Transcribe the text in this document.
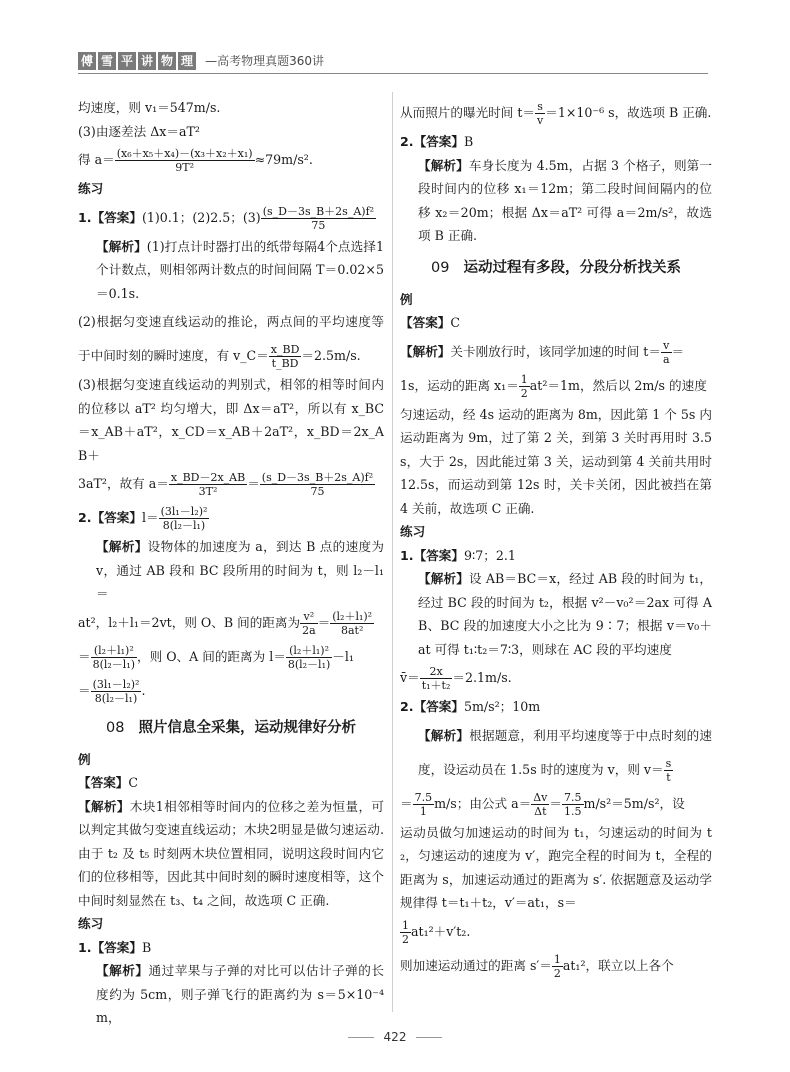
傅 雪 平 讲 物 理 —高考物理真题360讲

均速度，则 v₁＝547m/s.

(3)由逐差法 Δx＝aT²

得 $a= \frac{\text{(x₆＋x₅＋x₄)－(x₃＋x₂＋x₁)}}{\text{9T²}} \approx 79m/s^2$.

练习

1.【答案】(1)0.1；(2)2.5；$(3) \frac{\text{(s\_D－3s\_B＋2s\_A)f²}}{75}$

【解析】(1)打点计时器打出的纸带每隔4个点选择1个计数点，则相邻两计数点的时间间隔 T＝0.02×5＝0.1s.

(2)根据匀变速直线运动的推论，两点间的平均速度等于中间时刻的瞬时速度，有 v_C＝ $\frac{x\_BD}{t\_BD} =2.5m/s$.

(3)根据匀变速直线运动的判别式，相邻的相等时间内的位移以 aT² 均匀增大，即 Δx＝aT²，所以有 x_BC＝x_AB＋aT²，x_CD＝x_AB＋2aT²，x_BD＝2x_AB＋

3aT²，故有 $a= \frac{x\_BD-2x\_AB}{\text{3T²}} = \frac{\text{(s\_D－3s\_B＋2s\_A)f²}}{75}$

2.【答案】$l= \frac{\text{(3l₁－l₂)²}}{\text{8(l₂－l₁)}}$

【解析】设物体的加速度为 a，到达 B 点的速度为 v，通过 AB 段和 BC 段所用的时间为 t，则 l₂－l₁＝

at²，l₂＋l₁＝2vt，则 O、B 间的距离为 $\frac{\text{v²}}{2a} = \frac{\text{(l₂＋l₁)²}}{\text{8at²}}$

＝ $\frac{\text{(l₂＋l₁)²}}{\text{8(l₂－l₁)}}$ ，则 O、A 间的距离为 $l= \frac{\text{(l₂＋l₁)²}}{\text{8(l₂－l₁)}} -l_1$

＝ $\frac{\text{(3l₁－l₂)²}}{\text{8(l₂－l₁)}}$ .

08 照片信息全采集，运动规律好分析

例

【答案】C

【解析】木块1相邻相等时间内的位移之差为恒量，可以判定其做匀变速直线运动；木块2明显是做匀速运动. 由于 t₂ 及 t₅ 时刻两木块位置相同，说明这段时间内它们的位移相等，因此其中间时刻的瞬时速度相等，这个中间时刻显然在 t₃、t₄ 之间，故选项 C 正确.

练习

1.【答案】B

【解析】通过苹果与子弹的对比可以估计子弹的长度约为 5cm，则子弹飞行的距离约为 s＝5×10⁻⁴m，

从而照片的曝光时间 $t= \frac{s}{v} =1\times 10^{-6}$ s，故选项 B 正确.

2.【答案】B

【解析】车身长度为 4.5m，占据 3 个格子，则第一段时间内的位移 x₁＝12m；第二段时间间隔内的位移 x₂＝20m；根据 Δx＝aT² 可得 a＝2m/s²，故选项 B 正确.

09 运动过程有多段，分段分析找关系

例

【答案】C

【解析】关卡刚放行时，该同学加速的时间 $t= \frac{v}{a}$ ＝

1s，运动的距离 $x_1= \frac{1}{2} at^2=1m$，然后以 2m/s 的速度

匀速运动，经 4s 运动的距离为 8m，因此第 1 个 5s 内运动距离为 9m，过了第 2 关，到第 3 关时再用时 3.5s，大于 2s，因此能过第 3 关，运动到第 4 关前共用时 12.5s，而运动到第 12s 时，关卡关闭，因此被挡在第 4 关前，故选项 C 正确.

练习

1.【答案】9∶7；2.1

【解析】设 AB＝BC＝x，经过 AB 段的时间为 t₁，经过 BC 段的时间为 t₂，根据 v²－v₀²＝2ax 可得 AB、BC 段的加速度大小之比为 9∶7；根据 v＝v₀＋at 可得 t₁∶t₂＝7∶3，则球在 AC 段的平均速度

v̄＝ $\frac{2x}{\text{t₁＋t₂}} =2.1m/s$.

2.【答案】5m/s²；10m

【解析】根据题意，利用平均速度等于中点时刻的速度，设运动员在 1.5s 时的速度为 v，则 $v= \frac{s}{t}$

＝ $\frac{7.5}{1} m/s$；由公式 $a= \frac{\Delta v}{\Delta t} = \frac{7.5}{1.5} m/s^2=5m/s^2$，设

运动员做匀加速运动的时间为 t₁，匀速运动的时间为 t₂，匀速运动的速度为 v′，跑完全程的时间为 t，全程的距离为 s，加速运动通过的距离为 s′. 依据题意及运动学规律得 t＝t₁＋t₂，v′＝at₁，s＝

$\frac{1}{2} at_1^2+v't_2$.

则加速运动通过的距离 $s'= \frac{1}{2} at_1^2$，联立以上各个

422
